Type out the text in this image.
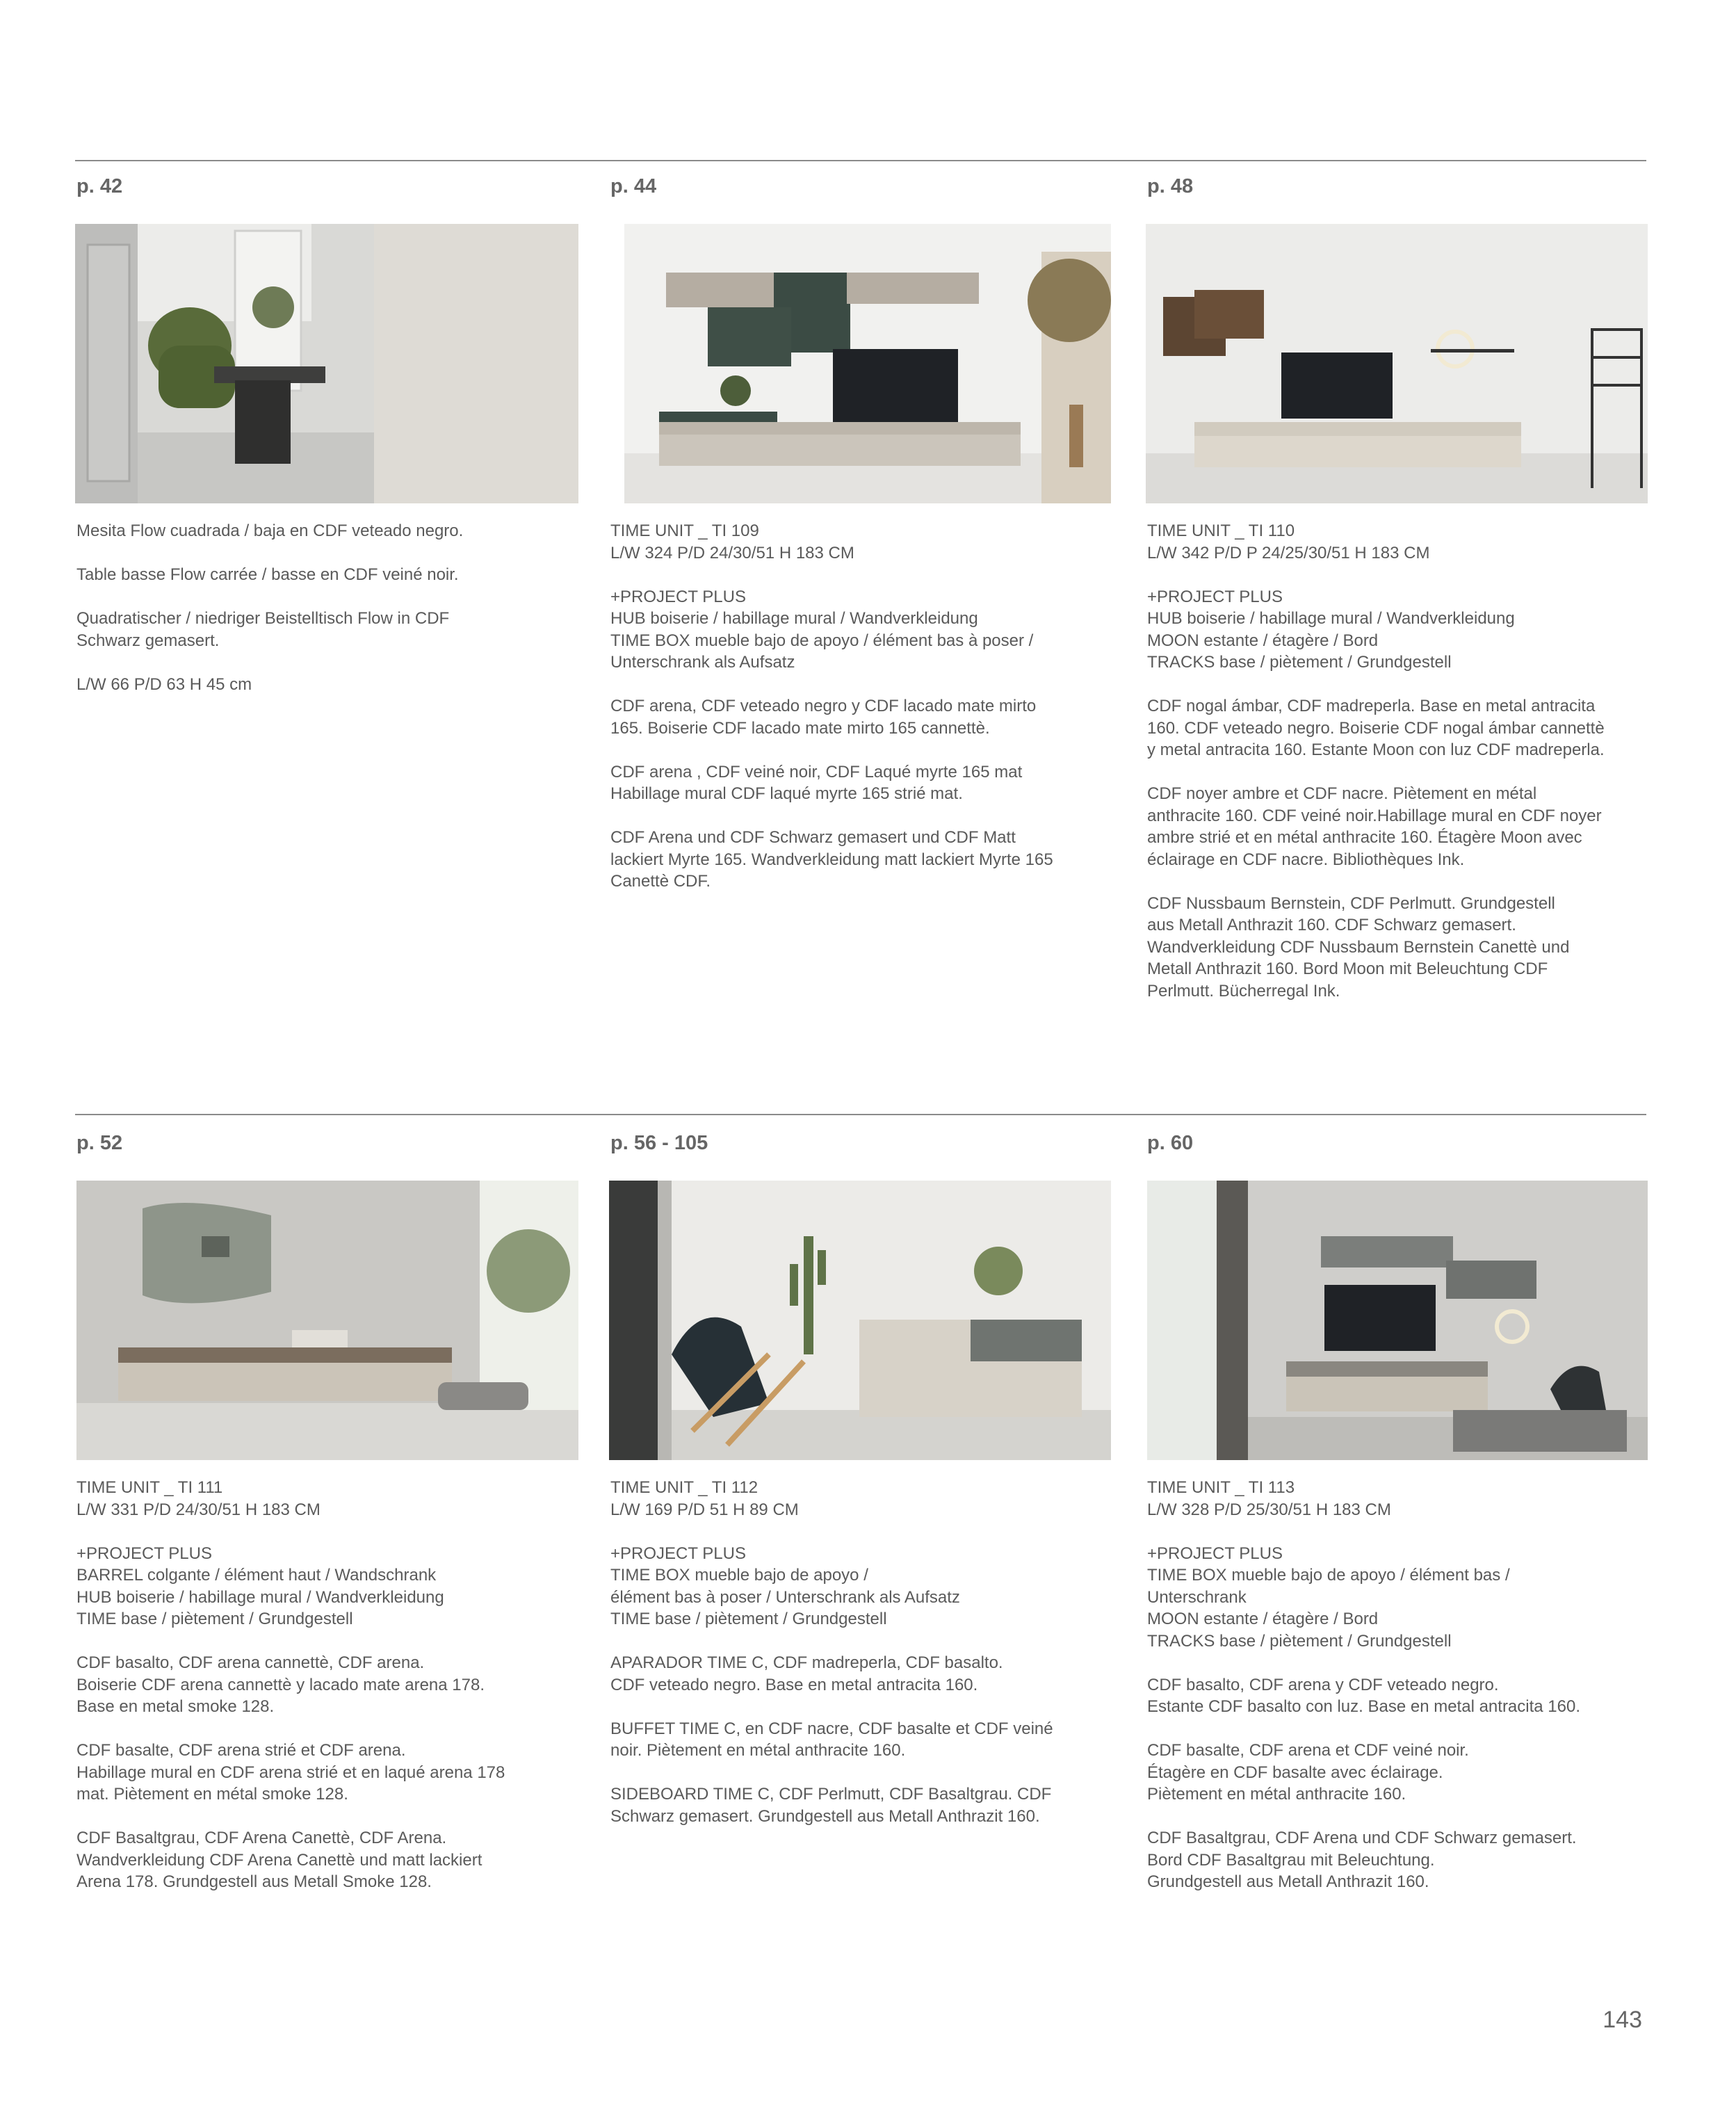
p. 42

Mesita Flow cuadrada / baja en CDF veteado negro.

Table basse Flow carrée / basse en CDF veiné noir.

Quadratischer / niedriger Beistelltisch Flow in CDF
Schwarz gemasert.

L/W 66 P/D 63 H 45 cm

p. 44

TIME UNIT _ TI 109
L/W 324 P/D 24/30/51 H 183 CM

+PROJECT PLUS
HUB boiserie / habillage mural / Wandverkleidung
TIME BOX mueble bajo de apoyo / élément bas à poser /
Unterschrank als Aufsatz

CDF arena, CDF veteado negro y CDF lacado mate mirto
165. Boiserie CDF lacado mate mirto 165 cannettè.

CDF arena , CDF veiné noir, CDF Laqué myrte 165 mat
Habillage mural CDF laqué myrte 165 strié mat.

CDF Arena und CDF Schwarz gemasert und CDF Matt
lackiert Myrte 165. Wandverkleidung matt lackiert Myrte 165
Canettè CDF.

p. 48

TIME UNIT _ TI 110
L/W 342 P/D P 24/25/30/51 H 183 CM

+PROJECT PLUS
HUB boiserie / habillage mural / Wandverkleidung
MOON estante / étagère / Bord
TRACKS base / piètement / Grundgestell

CDF nogal ámbar, CDF madreperla. Base en metal antracita
160. CDF veteado negro. Boiserie CDF nogal ámbar cannettè
y metal antracita 160. Estante Moon con luz CDF madreperla.

CDF noyer ambre et CDF nacre. Piètement en métal
anthracite 160. CDF veiné noir.Habillage mural en CDF noyer
ambre strié et en métal anthracite 160. Étagère Moon avec
éclairage en CDF nacre. Bibliothèques Ink.

CDF Nussbaum Bernstein, CDF Perlmutt. Grundgestell
aus Metall Anthrazit 160. CDF Schwarz gemasert.
Wandverkleidung CDF Nussbaum Bernstein Canettè und
Metall Anthrazit 160. Bord Moon mit Beleuchtung CDF
Perlmutt. Bücherregal Ink.

p. 52

TIME UNIT _ TI 111
L/W 331 P/D 24/30/51 H 183 CM

+PROJECT PLUS
BARREL colgante / élément haut / Wandschrank
HUB boiserie / habillage mural / Wandverkleidung
TIME base / piètement / Grundgestell

CDF basalto, CDF arena cannettè, CDF arena.
Boiserie CDF arena cannettè y lacado mate arena 178.
Base en metal smoke 128.

CDF basalte, CDF arena strié et CDF arena.
Habillage mural en CDF arena strié et en laqué arena 178
mat. Piètement en métal smoke 128.

CDF Basaltgrau, CDF Arena Canettè, CDF Arena.
Wandverkleidung CDF Arena Canettè und matt lackiert
Arena 178. Grundgestell aus Metall Smoke 128.

p. 56 - 105

TIME UNIT _ TI 112
L/W 169 P/D 51 H 89 CM

+PROJECT PLUS
TIME BOX mueble bajo de apoyo /
élément bas à poser / Unterschrank als Aufsatz
TIME base / piètement / Grundgestell

APARADOR TIME C, CDF madreperla, CDF basalto.
CDF veteado negro. Base en metal antracita 160.

BUFFET TIME C, en CDF nacre, CDF basalte et CDF veiné
noir. Piètement en métal anthracite 160.

SIDEBOARD TIME C, CDF Perlmutt, CDF Basaltgrau. CDF
Schwarz gemasert. Grundgestell aus Metall Anthrazit 160.

p. 60

TIME UNIT _ TI 113
L/W 328 P/D 25/30/51 H 183 CM

+PROJECT PLUS
TIME BOX mueble bajo de apoyo / élément bas /
Unterschrank
MOON estante / étagère / Bord
TRACKS base / piètement / Grundgestell

CDF basalto, CDF arena y CDF veteado negro.
Estante CDF basalto con luz. Base en metal antracita 160.

CDF basalte, CDF arena et CDF veiné noir.
Étagère en CDF basalte avec éclairage.
Piètement en métal anthracite 160.

CDF Basaltgrau, CDF Arena und CDF Schwarz gemasert.
Bord CDF Basaltgrau mit Beleuchtung.
Grundgestell aus Metall Anthrazit 160.

143
